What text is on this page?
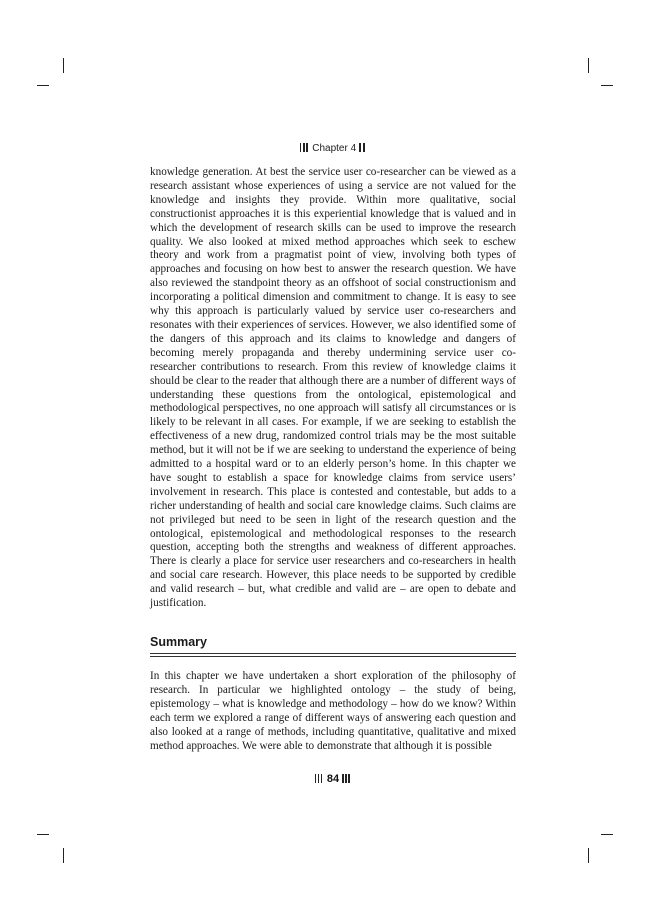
Chapter 4

knowledge generation. At best the service user co-researcher can be viewed as a research assistant whose experiences of using a service are not valued for the knowledge and insights they provide. Within more qualitative, social constructionist approaches it is this experiential knowledge that is valued and in which the development of research skills can be used to improve the research quality. We also looked at mixed method approaches which seek to eschew theory and work from a pragmatist point of view, involving both types of approaches and focusing on how best to answer the research question. We have also reviewed the standpoint theory as an offshoot of social constructionism and incorporating a political dimension and commitment to change. It is easy to see why this approach is particularly valued by service user co-researchers and resonates with their experiences of services. However, we also identified some of the dangers of this approach and its claims to knowledge and dangers of becoming merely propaganda and thereby undermining service user co-researcher contributions to research. From this review of knowledge claims it should be clear to the reader that although there are a number of different ways of understanding these questions from the ontological, epistemological and methodological perspectives, no one approach will satisfy all circumstances or is likely to be relevant in all cases. For example, if we are seeking to establish the effectiveness of a new drug, randomized control trials may be the most suitable method, but it will not be if we are seeking to understand the experience of being admitted to a hospital ward or to an elderly person’s home. In this chapter we have sought to establish a space for knowledge claims from service users’ involvement in research. This place is contested and contestable, but adds to a richer understanding of health and social care knowledge claims. Such claims are not privileged but need to be seen in light of the research question and the ontological, epistemological and methodological responses to the research question, accepting both the strengths and weakness of different approaches. There is clearly a place for service user researchers and co-researchers in health and social care research. However, this place needs to be supported by credible and valid research – but, what credible and valid are – are open to debate and justification.

Summary

In this chapter we have undertaken a short exploration of the philosophy of research. In particular we highlighted ontology – the study of being, epistemology – what is knowledge and methodology – how do we know? Within each term we explored a range of different ways of answering each question and also looked at a range of methods, including quantitative, qualitative and mixed method approaches. We were able to demonstrate that although it is possible

84
